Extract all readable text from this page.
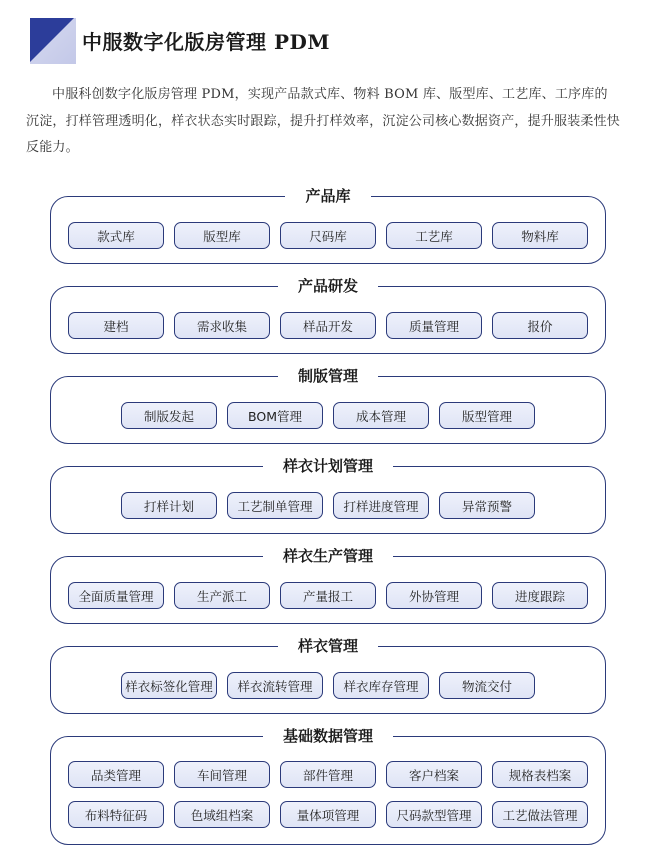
中服数字化版房管理 PDM

中服科创数字化版房管理 PDM，实现产品款式库、物料 BOM 库、版型库、工艺库、工序库的沉淀，打样管理透明化，样衣状态实时跟踪，提升打样效率，沉淀公司核心数据资产，提升服装柔性快反能力。

产品库
款式库	版型库	尺码库	工艺库	物料库
产品研发
建档	需求收集	样品开发	质量管理	报价
制版管理
制版发起	BOM管理	成本管理	版型管理
样衣计划管理
打样计划	工艺制单管理	打样进度管理	异常预警
样衣生产管理
全面质量管理	生产派工	产量报工	外协管理	进度跟踪
样衣管理
样衣标签化管理	样衣流转管理	样衣库存管理	物流交付
基础数据管理
品类管理	车间管理	部件管理	客户档案	规格表档案
布料特征码	色域组档案	量体项管理	尺码款型管理	工艺做法管理
